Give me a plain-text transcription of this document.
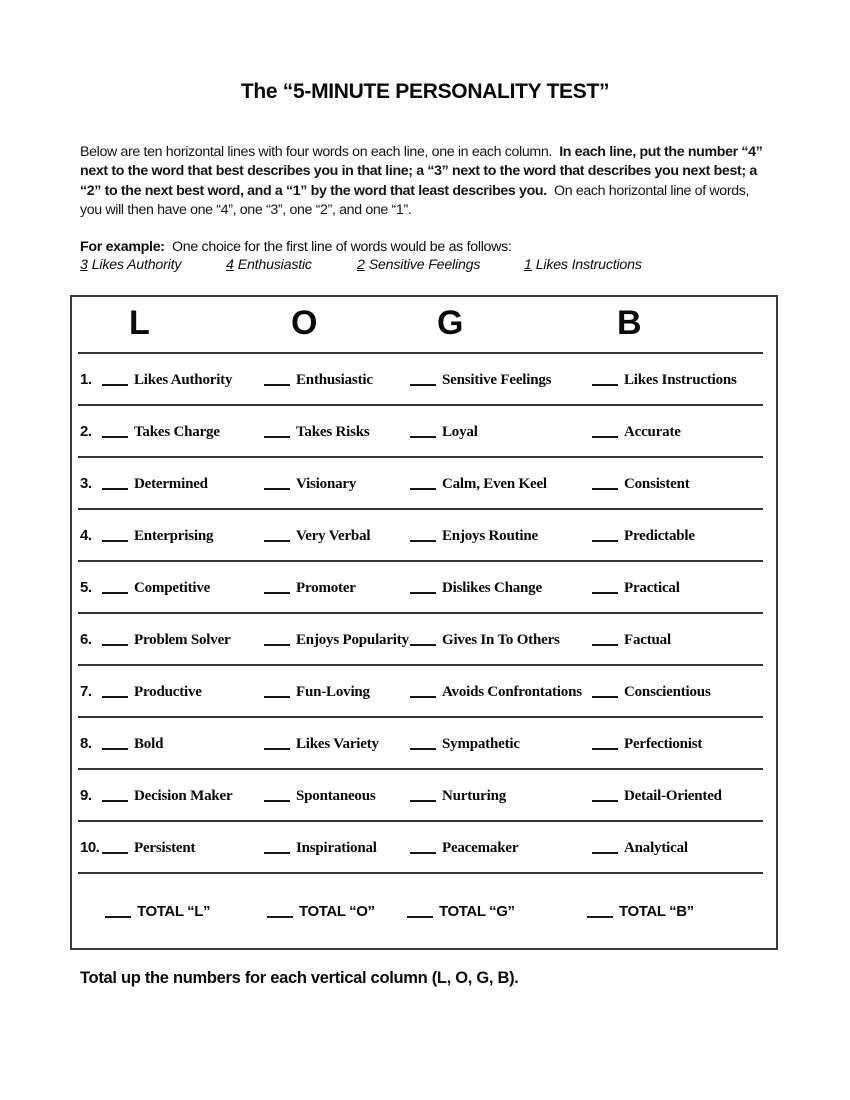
The “5-MINUTE PERSONALITY TEST”
Below are ten horizontal lines with four words on each line, one in each column.  In each line, put the number “4” next to the word that best describes you in that line; a “3” next to the word that describes you next best; a “2” to the next best word, and a “1” by the word that least describes you.  On each horizontal line of words, you will then have one “4”, one “3”, one “2”, and one “1”.
For example:  One choice for the first line of words would be as follows:
3 Likes Authority	4 Enthusiastic	2 Sensitive Feelings	1 Likes Instructions
L	O	G	B
1.	Likes Authority	Enthusiastic	Sensitive Feelings	Likes Instructions
2.	Takes Charge	Takes Risks	Loyal	Accurate
3.	Determined	Visionary	Calm, Even Keel	Consistent
4.	Enterprising	Very Verbal	Enjoys Routine	Predictable
5.	Competitive	Promoter	Dislikes Change	Practical
6.	Problem Solver	Enjoys Popularity	Gives In To Others	Factual
7.	Productive	Fun-Loving	Avoids Confrontations	Conscientious
8.	Bold	Likes Variety	Sympathetic	Perfectionist
9.	Decision Maker	Spontaneous	Nurturing	Detail-Oriented
10.	Persistent	Inspirational	Peacemaker	Analytical
TOTAL “L”	TOTAL “O”	TOTAL “G”	TOTAL “B”
Total up the numbers for each vertical column (L, O, G, B).
